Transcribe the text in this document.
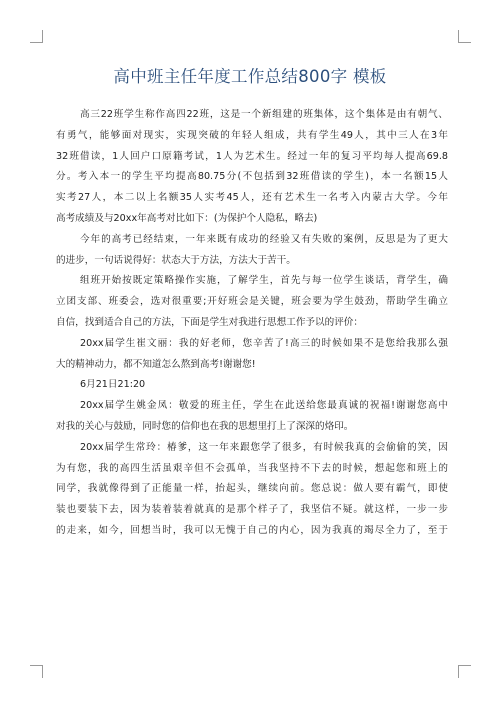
高中班主任年度工作总结800字 模板
高三22班学生称作高四22班，这是一个新组建的班集体，这个集体是由有朝气、
有勇气，能够面对现实，实现突破的年轻人组成，共有学生49人，其中三人在3年
32班借读，1人回户口原籍考试，1人为艺术生。经过一年的复习平均每人提高69.8
分。考入本一的学生平均提高80.75分(不包括到32班借读的学生)，本一名额15人
实考27人，本二以上名额35人实考45人，还有艺术生一名考入内蒙古大学。今年
高考成绩及与20xx年高考对比如下：(为保护个人隐私，略去)
今年的高考已经结束，一年来既有成功的经验又有失败的案例，反思是为了更大
的进步，一句话说得好：状态大于方法，方法大于苦干。
组班开始按既定策略操作实施，了解学生，首先与每一位学生谈话，背学生，确
立团支部、班委会，选对很重要;开好班会是关键，班会要为学生鼓劲，帮助学生确立
自信，找到适合自己的方法，下面是学生对我进行思想工作予以的评价：
20xx届学生崔文丽：我的好老师，您辛苦了!高三的时候如果不是您给我那么强
大的精神动力，都不知道怎么熬到高考!谢谢您!
6月21日21:20
20xx届学生姚金凤：敬爱的班主任，学生在此送给您最真诚的祝福!谢谢您高中
对我的关心与鼓励，同时您的信仰也在我的思想里打上了深深的烙印。
20xx届学生常玲：椿爹，这一年来跟您学了很多，有时候我真的会偷偷的笑，因
为有您，我的高四生活虽艰辛但不会孤单，当我坚持不下去的时候，想起您和班上的
同学，我就像得到了正能量一样，抬起头，继续向前。您总说：做人要有霸气，即使
装也要装下去，因为装着装着就真的是那个样子了，我坚信不疑。就这样，一步一步
的走来，如今，回想当时，我可以无愧于自己的内心，因为我真的竭尽全力了，至于
